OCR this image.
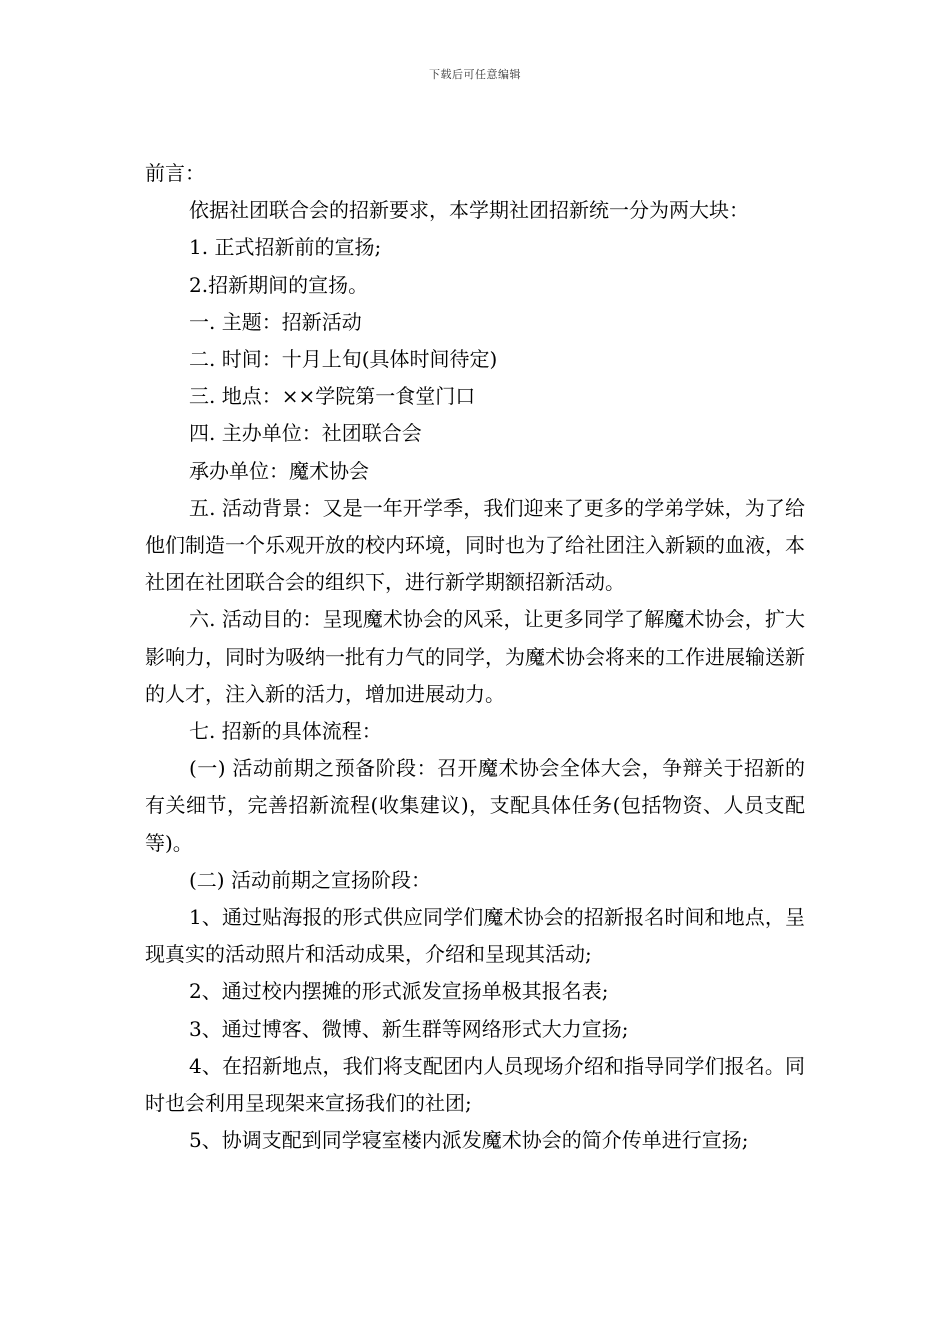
下载后可任意编辑

前言：

依据社团联合会的招新要求，本学期社团招新统一分为两大块：

1. 正式招新前的宣扬;

2.招新期间的宣扬。

一. 主题：招新活动

二. 时间：十月上旬(具体时间待定)

三. 地点：××学院第一食堂门口

四. 主办单位：社团联合会

承办单位：魔术协会

五. 活动背景：又是一年开学季，我们迎来了更多的学弟学妹，为了给他们制造一个乐观开放的校内环境，同时也为了给社团注入新颖的血液，本社团在社团联合会的组织下，进行新学期额招新活动。

六. 活动目的：呈现魔术协会的风采，让更多同学了解魔术协会，扩大影响力，同时为吸纳一批有力气的同学，为魔术协会将来的工作进展输送新的人才，注入新的活力，增加进展动力。

七. 招新的具体流程：

(一) 活动前期之预备阶段：召开魔术协会全体大会，争辩关于招新的有关细节，完善招新流程(收集建议)，支配具体任务(包括物资、人员支配等)。

(二) 活动前期之宣扬阶段：

1、通过贴海报的形式供应同学们魔术协会的招新报名时间和地点，呈现真实的活动照片和活动成果，介绍和呈现其活动;

2、通过校内摆摊的形式派发宣扬单极其报名表;

3、通过博客、微博、新生群等网络形式大力宣扬;

4、在招新地点，我们将支配团内人员现场介绍和指导同学们报名。同时也会利用呈现架来宣扬我们的社团;

5、协调支配到同学寝室楼内派发魔术协会的简介传单进行宣扬;
